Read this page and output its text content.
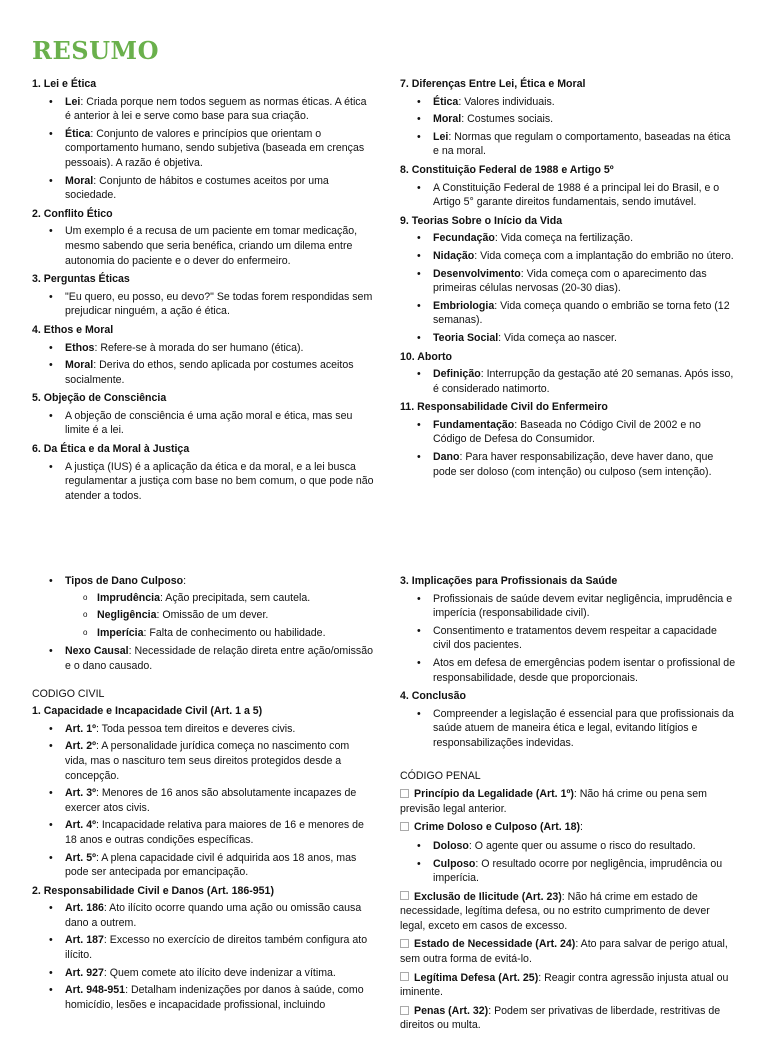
RESUMO
1. Lei e Ética
• Lei: Criada porque nem todos seguem as normas éticas. A ética é anterior à lei e serve como base para sua criação.
• Ética: Conjunto de valores e princípios que orientam o comportamento humano, sendo subjetiva (baseada em crenças pessoais). A razão é objetiva.
• Moral: Conjunto de hábitos e costumes aceitos por uma sociedade.
2. Conflito Ético
• Um exemplo é a recusa de um paciente em tomar medicação, mesmo sabendo que seria benéfica, criando um dilema entre autonomia do paciente e o dever do enfermeiro.
3. Perguntas Éticas
• "Eu quero, eu posso, eu devo?" Se todas forem respondidas sem prejudicar ninguém, a ação é ética.
4. Ethos e Moral
• Ethos: Refere-se à morada do ser humano (ética).
• Moral: Deriva do ethos, sendo aplicada por costumes aceitos socialmente.
5. Objeção de Consciência
• A objeção de consciência é uma ação moral e ética, mas seu limite é a lei.
6. Da Ética e da Moral à Justiça
• A justiça (IUS) é a aplicação da ética e da moral, e a lei busca regulamentar a justiça com base no bem comum, o que pode não atender a todos.
7. Diferenças Entre Lei, Ética e Moral
• Ética: Valores individuais.
• Moral: Costumes sociais.
• Lei: Normas que regulam o comportamento, baseadas na ética e na moral.
8. Constituição Federal de 1988 e Artigo 5º
• A Constituição Federal de 1988 é a principal lei do Brasil, e o Artigo 5° garante direitos fundamentais, sendo imutável.
9. Teorias Sobre o Início da Vida
• Fecundação: Vida começa na fertilização.
• Nidação: Vida começa com a implantação do embrião no útero.
• Desenvolvimento: Vida começa com o aparecimento das primeiras células nervosas (20-30 dias).
• Embriologia: Vida começa quando o embrião se torna feto (12 semanas).
• Teoria Social: Vida começa ao nascer.
10. Aborto
• Definição: Interrupção da gestação até 20 semanas. Após isso, é considerado natimorto.
11. Responsabilidade Civil do Enfermeiro
• Fundamentação: Baseada no Código Civil de 2002 e no Código de Defesa do Consumidor.
• Dano: Para haver responsabilização, deve haver dano, que pode ser doloso (com intenção) ou culposo (sem intenção).
• Tipos de Dano Culposo:
o Imprudência: Ação precipitada, sem cautela.
o Negligência: Omissão de um dever.
o Imperícia: Falta de conhecimento ou habilidade.
• Nexo Causal: Necessidade de relação direta entre ação/omissão e o dano causado.
CODIGO CIVIL
1. Capacidade e Incapacidade Civil (Art. 1 a 5)
• Art. 1º: Toda pessoa tem direitos e deveres civis.
• Art. 2º: A personalidade jurídica começa no nascimento com vida, mas o nascituro tem seus direitos protegidos desde a concepção.
• Art. 3º: Menores de 16 anos são absolutamente incapazes de exercer atos civis.
• Art. 4º: Incapacidade relativa para maiores de 16 e menores de 18 anos e outras condições específicas.
• Art. 5º: A plena capacidade civil é adquirida aos 18 anos, mas pode ser antecipada por emancipação.
2. Responsabilidade Civil e Danos (Art. 186-951)
• Art. 186: Ato ilícito ocorre quando uma ação ou omissão causa dano a outrem.
• Art. 187: Excesso no exercício de direitos também configura ato ilícito.
• Art. 927: Quem comete ato ilícito deve indenizar a vítima.
• Art. 948-951: Detalham indenizações por danos à saúde, como homicídio, lesões e incapacidade profissional, incluindo
3. Implicações para Profissionais da Saúde
• Profissionais de saúde devem evitar negligência, imprudência e imperícia (responsabilidade civil).
• Consentimento e tratamentos devem respeitar a capacidade civil dos pacientes.
• Atos em defesa de emergências podem isentar o profissional de responsabilidade, desde que proporcionais.
4. Conclusão
• Compreender a legislação é essencial para que profissionais da saúde atuem de maneira ética e legal, evitando litígios e responsabilizações indevidas.
CÓDIGO PENAL
Princípio da Legalidade (Art. 1º): Não há crime ou pena sem previsão legal anterior.
Crime Doloso e Culposo (Art. 18):
• Doloso: O agente quer ou assume o risco do resultado.
• Culposo: O resultado ocorre por negligência, imprudência ou imperícia.
Exclusão de Ilicitude (Art. 23): Não há crime em estado de necessidade, legítima defesa, ou no estrito cumprimento de dever legal, exceto em casos de excesso.
Estado de Necessidade (Art. 24): Ato para salvar de perigo atual, sem outra forma de evitá-lo.
Legítima Defesa (Art. 25): Reagir contra agressão injusta atual ou iminente.
Penas (Art. 32): Podem ser privativas de liberdade, restritivas de direitos ou multa.
